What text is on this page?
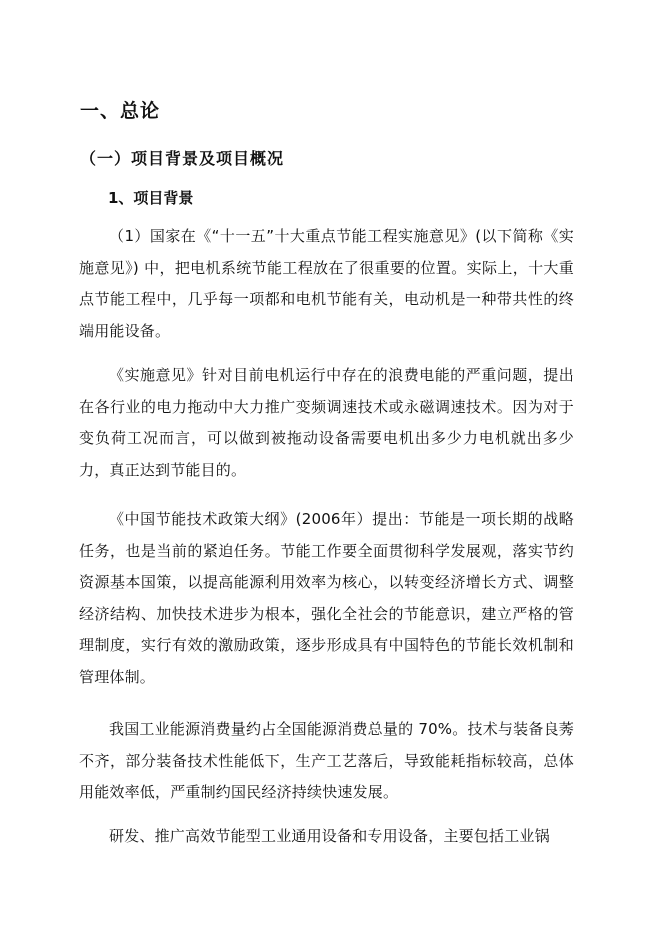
一、总论
（一）项目背景及项目概况
1、项目背景

（1）国家在《“十一五”十大重点节能工程实施意见》(以下简称《实施意见》) 中，把电机系统节能工程放在了很重要的位置。实际上，十大重点节能工程中，几乎每一项都和电机节能有关，电动机是一种带共性的终端用能设备。

《实施意见》针对目前电机运行中存在的浪费电能的严重问题，提出在各行业的电力拖动中大力推广变频调速技术或永磁调速技术。因为对于变负荷工况而言，可以做到被拖动设备需要电机出多少力电机就出多少力，真正达到节能目的。

《中国节能技术政策大纲》(2006年）提出：节能是一项长期的战略任务，也是当前的紧迫任务。节能工作要全面贯彻科学发展观，落实节约资源基本国策，以提高能源利用效率为核心，以转变经济增长方式、调整经济结构、加快技术进步为根本，强化全社会的节能意识，建立严格的管理制度，实行有效的激励政策，逐步形成具有中国特色的节能长效机制和管理体制。

我国工业能源消费量约占全国能源消费总量的 70%。技术与装备良莠不齐，部分装备技术性能低下，生产工艺落后，导致能耗指标较高，总体用能效率低，严重制约国民经济持续快速发展。

研发、推广高效节能型工业通用设备和专用设备，主要包括工业锅
